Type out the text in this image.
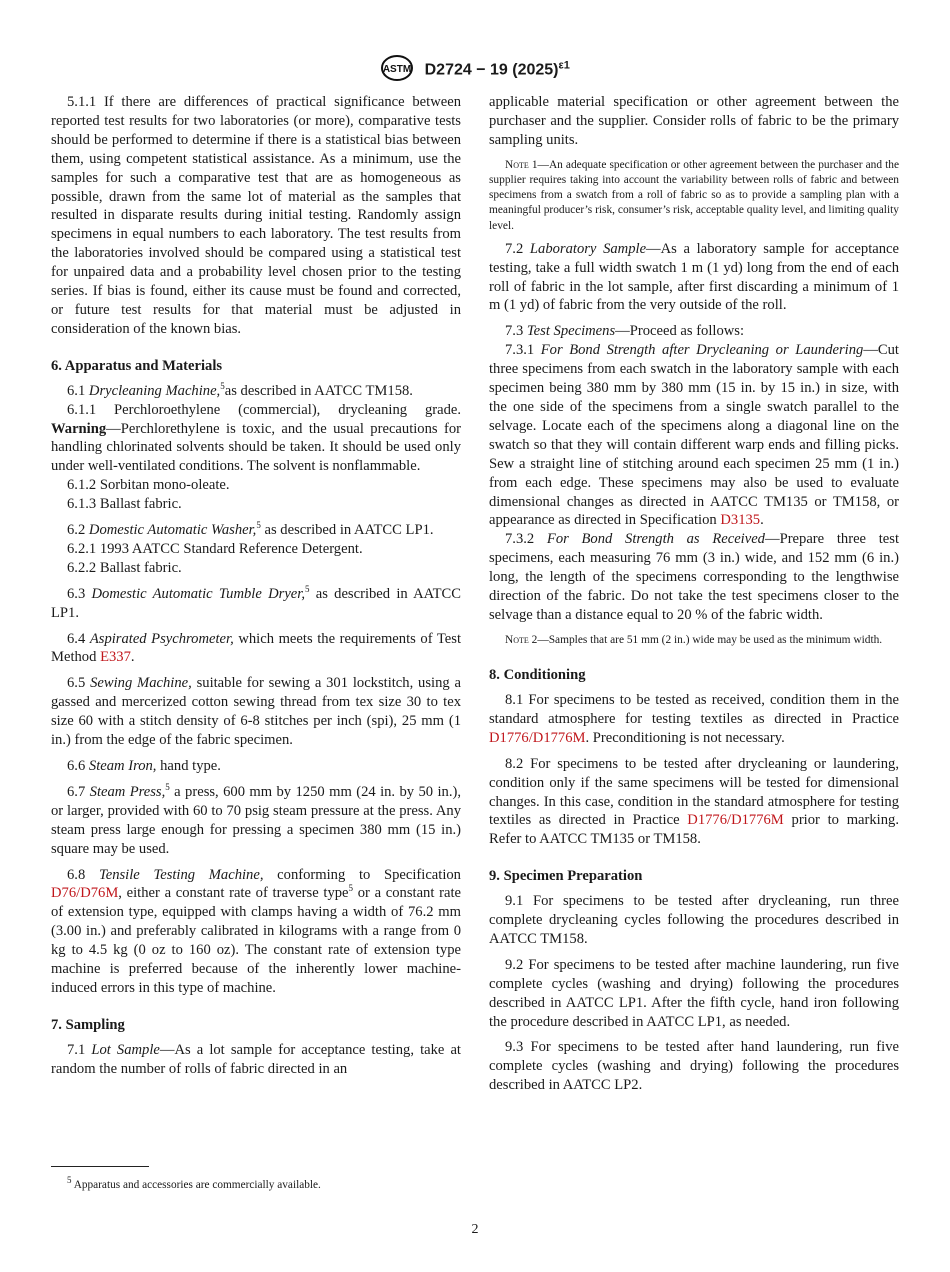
ASTM D2724 − 19 $(2025)^{\varepsilon 1}$

5.1.1 If there are differences of practical significance between reported test results for two laboratories (or more), comparative tests should be performed to determine if there is a statistical bias between them, using competent statistical assistance. As a minimum, use the samples for such a comparative test that are as homogeneous as possible, drawn from the same lot of material as the samples that resulted in disparate results during initial testing. Randomly assign specimens in equal numbers to each laboratory. The test results from the laboratories involved should be compared using a statistical test for unpaired data and a probability level chosen prior to the testing series. If bias is found, either its cause must be found and corrected, or future test results for that material must be adjusted in consideration of the known bias.

6. Apparatus and Materials

6.1 Drycleaning Machine,$^5$as described in AATCC TM158.

6.1.1 Perchloroethylene (commercial), drycleaning grade. Warning—Perchlorethylene is toxic, and the usual precautions for handling chlorinated solvents should be taken. It should be used only under well-ventilated conditions. The solvent is nonflammable.

6.1.2 Sorbitan mono-oleate.

6.1.3 Ballast fabric.

6.2 Domestic Automatic Washer,$^5$ as described in AATCC LP1.

6.2.1 1993 AATCC Standard Reference Detergent.

6.2.2 Ballast fabric.

6.3 Domestic Automatic Tumble Dryer,$^5$ as described in AATCC LP1.

6.4 Aspirated Psychrometer, which meets the requirements of Test Method E337.

6.5 Sewing Machine, suitable for sewing a 301 lockstitch, using a gassed and mercerized cotton sewing thread from tex size 30 to tex size 60 with a stitch density of 6-8 stitches per inch (spi), 25 mm (1 in.) from the edge of the fabric specimen.

6.6 Steam Iron, hand type.

6.7 Steam Press,$^5$ a press, 600 mm by 1250 mm (24 in. by 50 in.), or larger, provided with 60 to 70 psig steam pressure at the press. Any steam press large enough for pressing a specimen 380 mm (15 in.) square may be used.

6.8 Tensile Testing Machine, conforming to Specification D76/D76M, either a constant rate of traverse type$^5$ or a constant rate of extension type, equipped with clamps having a width of 76.2 mm (3.00 in.) and preferably calibrated in kilograms with a range from 0 kg to 4.5 kg (0 oz to 160 oz). The constant rate of extension type machine is preferred because of the inherently lower machine-induced errors in this type of machine.

7. Sampling

7.1 Lot Sample—As a lot sample for acceptance testing, take at random the number of rolls of fabric directed in an

$^5$ Apparatus and accessories are commercially available.

applicable material specification or other agreement between the purchaser and the supplier. Consider rolls of fabric to be the primary sampling units.

Note 1—An adequate specification or other agreement between the purchaser and the supplier requires taking into account the variability between rolls of fabric and between specimens from a swatch from a roll of fabric so as to provide a sampling plan with a meaningful producer’s risk, consumer’s risk, acceptable quality level, and limiting quality level.

7.2 Laboratory Sample—As a laboratory sample for acceptance testing, take a full width swatch 1 m (1 yd) long from the end of each roll of fabric in the lot sample, after first discarding a minimum of 1 m (1 yd) of fabric from the very outside of the roll.

7.3 Test Specimens—Proceed as follows:

7.3.1 For Bond Strength after Drycleaning or Laundering—Cut three specimens from each swatch in the laboratory sample with each specimen being 380 mm by 380 mm (15 in. by 15 in.) in size, with the one side of the specimens from a single swatch parallel to the selvage. Locate each of the specimens along a diagonal line on the swatch so that they will contain different warp ends and filling picks. Sew a straight line of stitching around each specimen 25 mm (1 in.) from each edge. These specimens may also be used to evaluate dimensional changes as directed in AATCC TM135 or TM158, or appearance as directed in Specification D3135.

7.3.2 For Bond Strength as Received—Prepare three test specimens, each measuring 76 mm (3 in.) wide, and 152 mm (6 in.) long, the length of the specimens corresponding to the lengthwise direction of the fabric. Do not take the test specimens closer to the selvage than a distance equal to 20 % of the fabric width.

Note 2—Samples that are 51 mm (2 in.) wide may be used as the minimum width.

8. Conditioning

8.1 For specimens to be tested as received, condition them in the standard atmosphere for testing textiles as directed in Practice D1776/D1776M. Preconditioning is not necessary.

8.2 For specimens to be tested after drycleaning or laundering, condition only if the same specimens will be tested for dimensional changes. In this case, condition in the standard atmosphere for testing textiles as directed in Practice D1776/D1776M prior to marking. Refer to AATCC TM135 or TM158.

9. Specimen Preparation

9.1 For specimens to be tested after drycleaning, run three complete drycleaning cycles following the procedures described in AATCC TM158.

9.2 For specimens to be tested after machine laundering, run five complete cycles (washing and drying) following the procedures described in AATCC LP1. After the fifth cycle, hand iron following the procedure described in AATCC LP1, as needed.

9.3 For specimens to be tested after hand laundering, run five complete cycles (washing and drying) following the procedures described in AATCC LP2.

2
